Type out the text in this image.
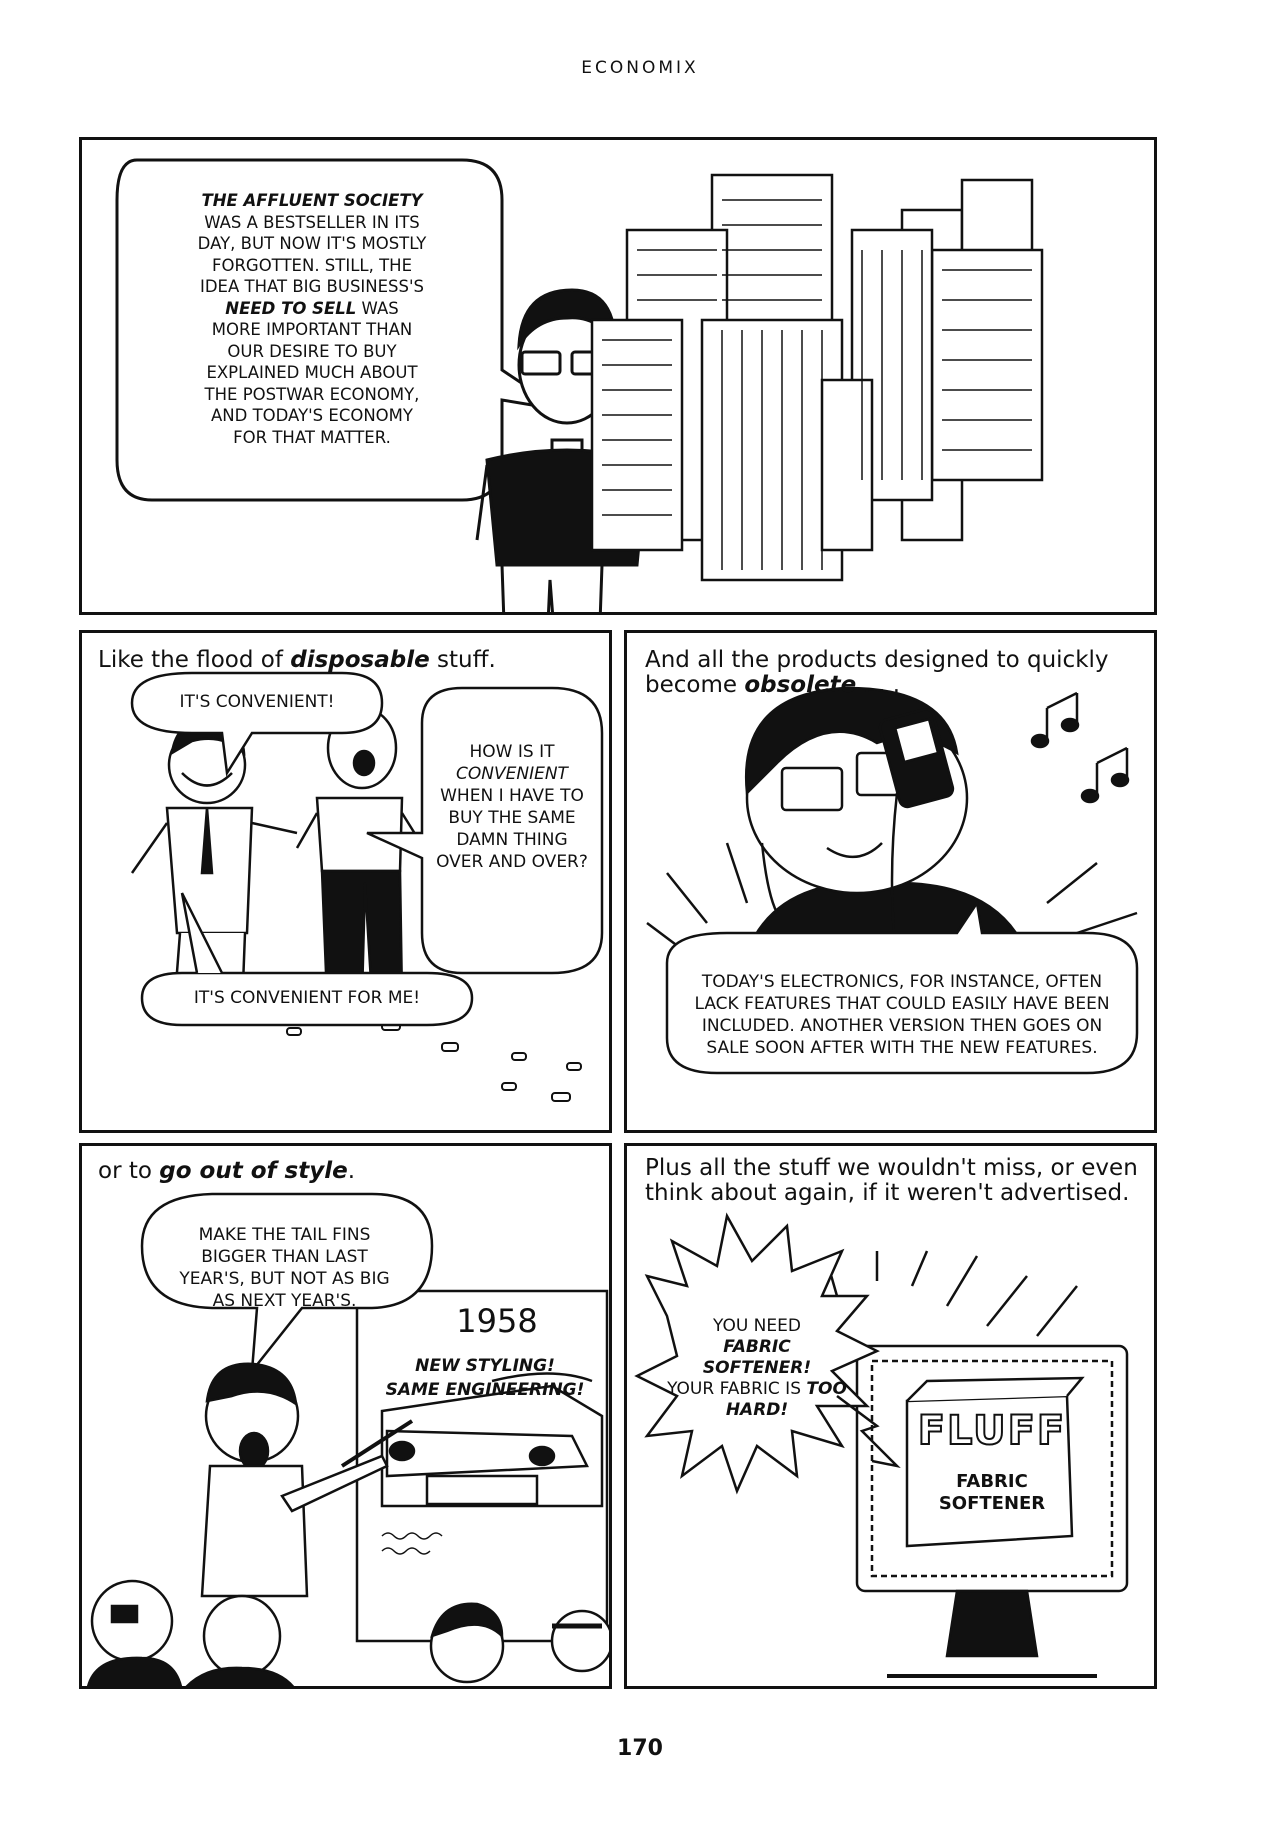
ECONOMIX
THE AFFLUENT SOCIETY
WAS A BESTSELLER IN ITS
DAY, BUT NOW IT'S MOSTLY
FORGOTTEN. STILL, THE
IDEA THAT BIG BUSINESS'S
NEED TO SELL WAS
MORE IMPORTANT THAN
OUR DESIRE TO BUY
EXPLAINED MUCH ABOUT
THE POSTWAR ECONOMY,
AND TODAY'S ECONOMY
FOR THAT MATTER.
Like the flood of disposable stuff.
IT'S CONVENIENT!
HOW IS IT
CONVENIENT
WHEN I HAVE TO BUY THE SAME DAMN THING OVER AND OVER?
IT'S CONVENIENT FOR ME!
And all the products designed to quickly become obsolete . . .
TODAY'S ELECTRONICS, FOR INSTANCE, OFTEN LACK FEATURES THAT COULD EASILY HAVE BEEN INCLUDED. ANOTHER VERSION THEN GOES ON SALE SOON AFTER WITH THE NEW FEATURES.
or to go out of style.
MAKE THE TAIL FINS BIGGER THAN LAST YEAR'S, BUT NOT AS BIG AS NEXT YEAR'S.
1958
NEW STYLING!
SAME ENGINEERING!
Plus all the stuff we wouldn't miss, or even think about again, if it weren't advertised.
YOU NEED
FABRIC SOFTENER!
YOUR FABRIC IS TOO HARD!	FLUFF
FABRIC
SOFTENER
170
